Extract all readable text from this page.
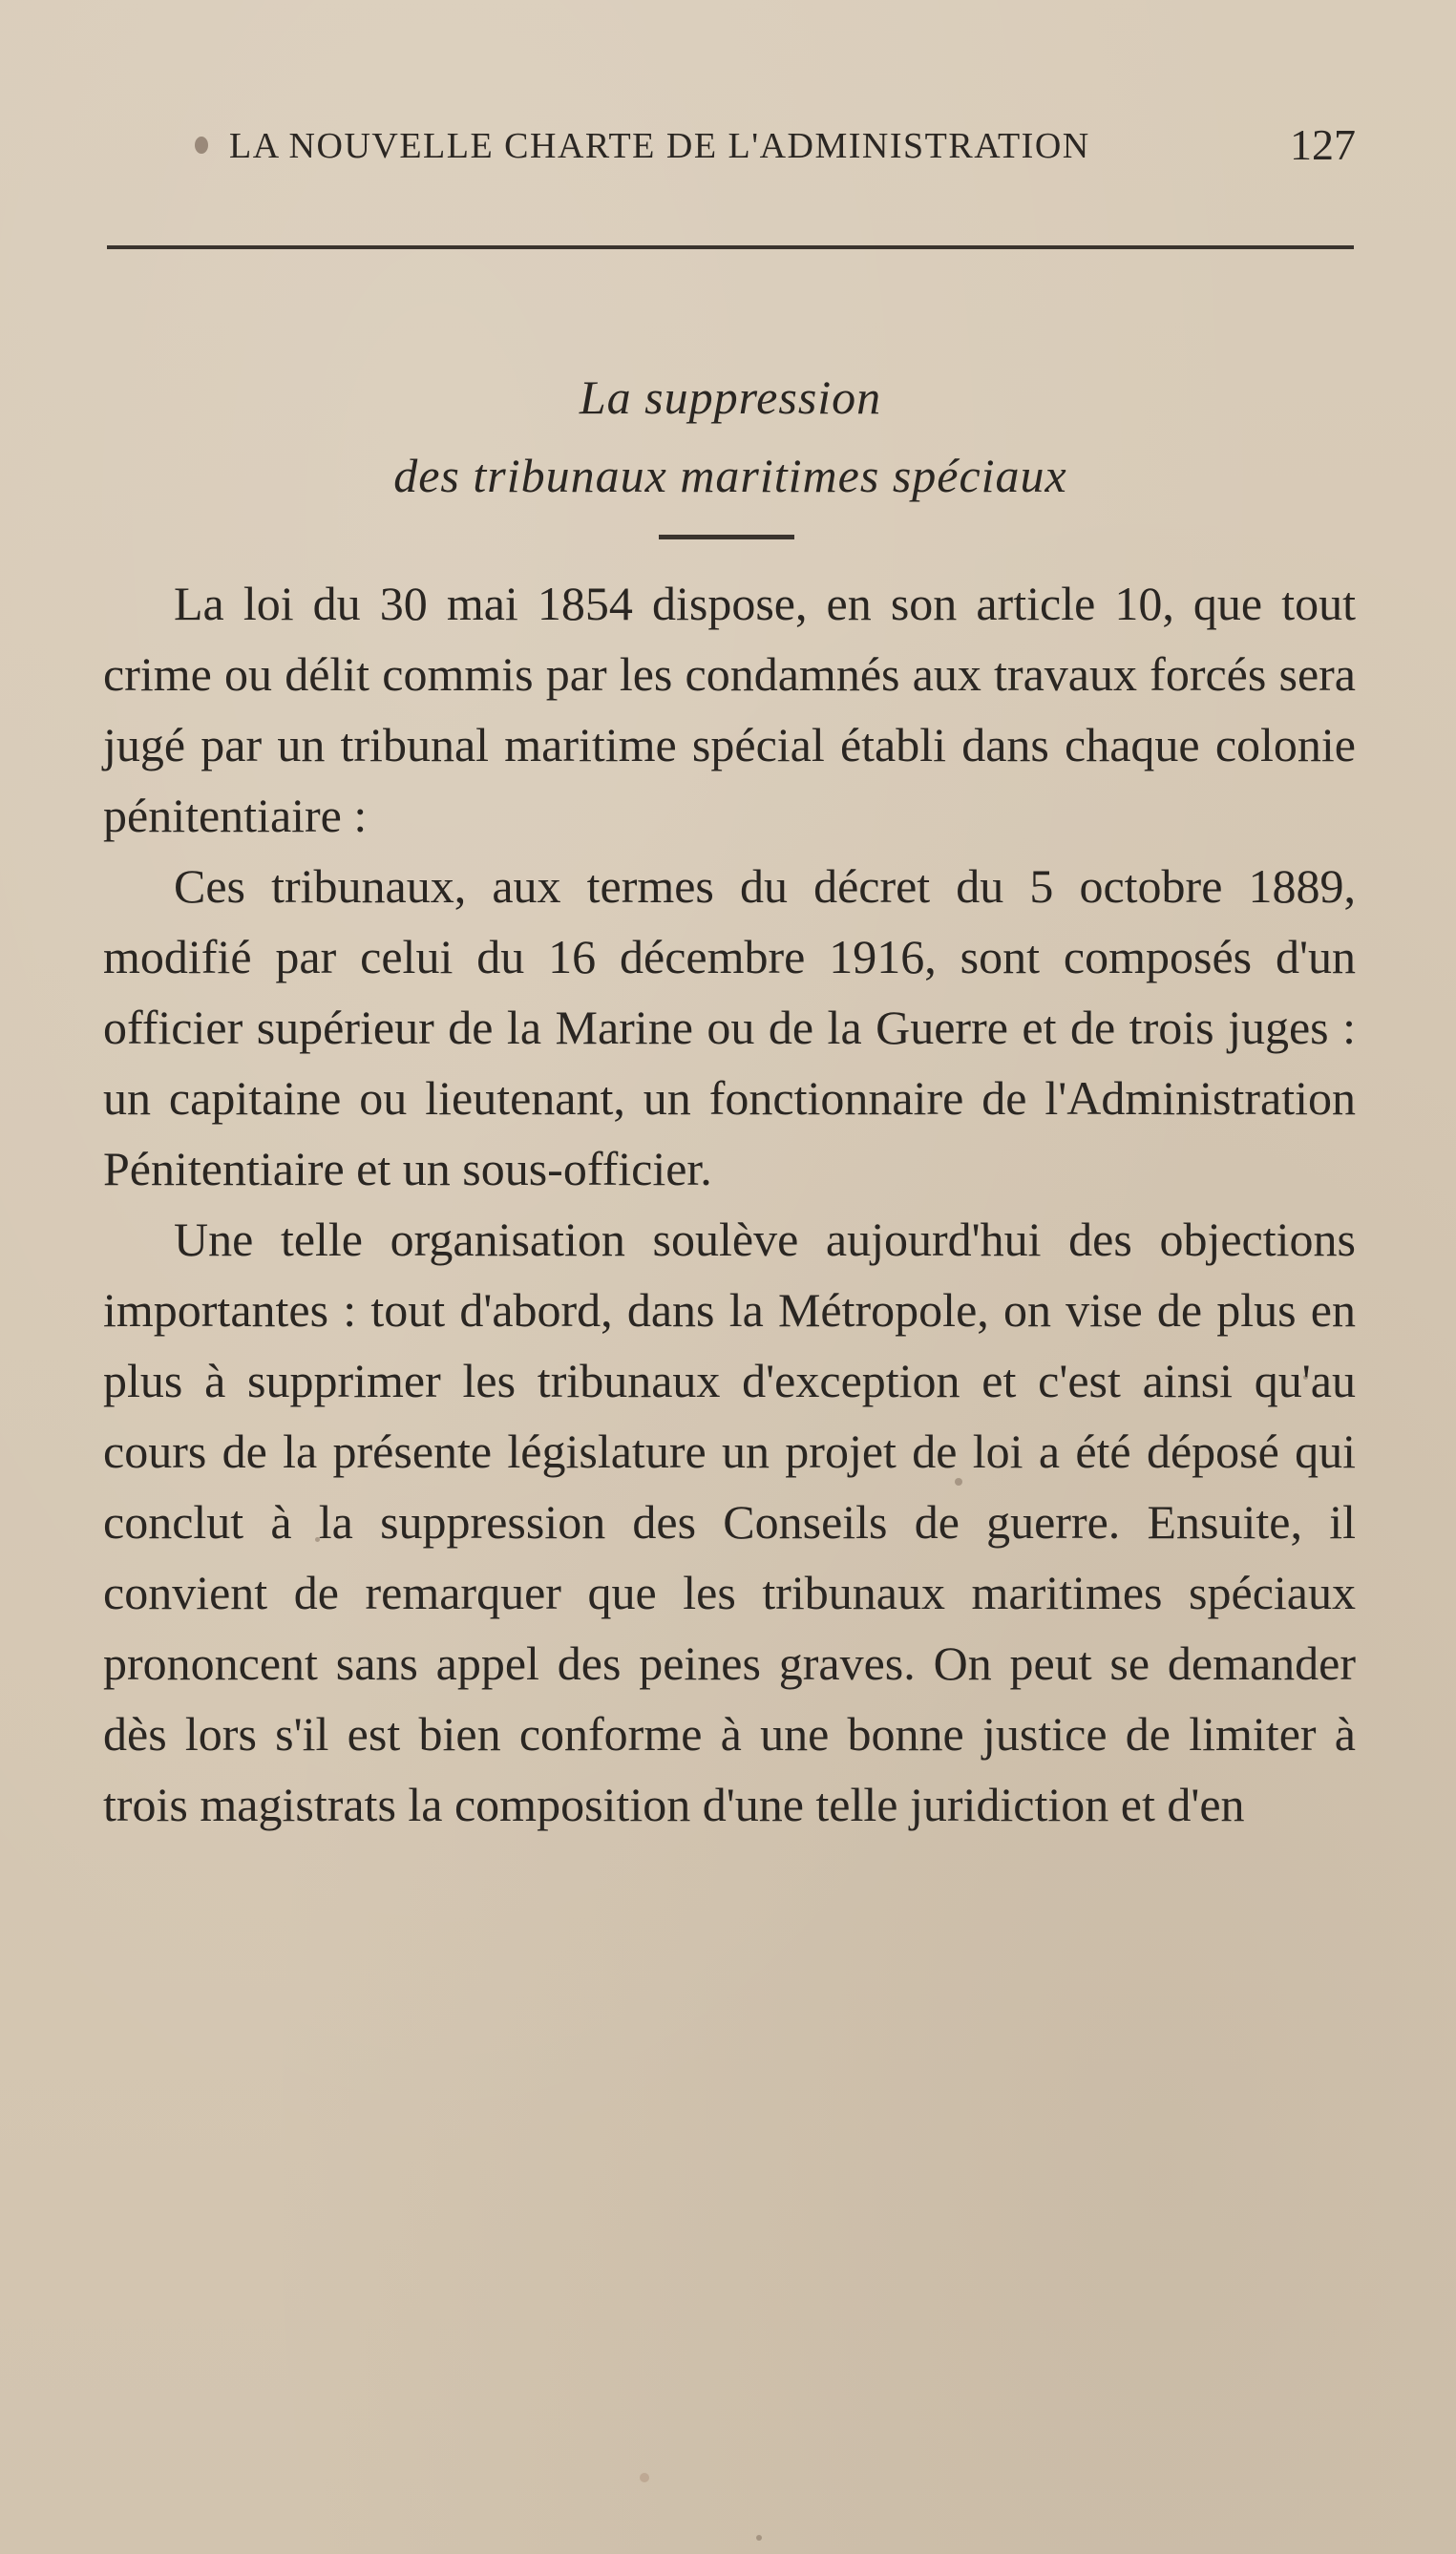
LA NOUVELLE CHARTE DE L'ADMINISTRATION	127
La suppression
des tribunaux maritimes spéciaux

La loi du 30 mai 1854 dispose, en son article 10, que tout crime ou délit commis par les condamnés aux travaux forcés sera jugé par un tribunal maritime spécial établi dans chaque colonie pénitentiaire :

Ces tribunaux, aux termes du décret du 5 octobre 1889, modifié par celui du 16 décembre 1916, sont composés d'un officier supérieur de la Marine ou de la Guerre et de trois juges : un capitaine ou lieutenant, un fonctionnaire de l'Administration Pénitentiaire et un sous-officier.

Une telle organisation soulève aujourd'hui des objections importantes : tout d'abord, dans la Métropole, on vise de plus en plus à supprimer les tribunaux d'exception et c'est ainsi qu'au cours de la présente législature un projet de loi a été déposé qui conclut à la suppression des Conseils de guerre. Ensuite, il convient de remarquer que les tribunaux maritimes spéciaux prononcent sans appel des peines graves. On peut se demander dès lors s'il est bien conforme à une bonne justice de limiter à trois magistrats la composition d'une telle juridiction et d'en
